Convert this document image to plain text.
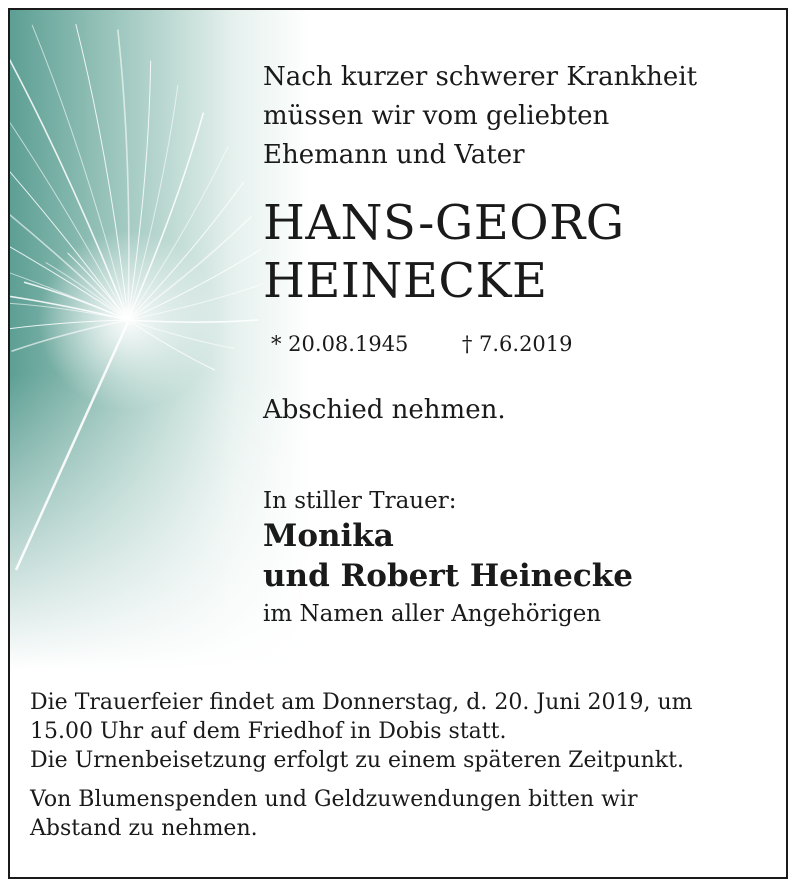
Nach kurzer schwerer Krankheit
müssen wir vom geliebten
Ehemann und Vater

HANS-GEORG
HEINECKE

* 20.08.1945	† 7.6.2019

Abschied nehmen.

In stiller Trauer:

Monika
und Robert Heinecke

im Namen aller Angehörigen

Die Trauerfeier findet am Donnerstag, d. 20. Juni 2019, um
15.00 Uhr auf dem Friedhof in Dobis statt.

Die Urnenbeisetzung erfolgt zu einem späteren Zeitpunkt.

Von Blumenspenden und Geldzuwendungen bitten wir
Abstand zu nehmen.
